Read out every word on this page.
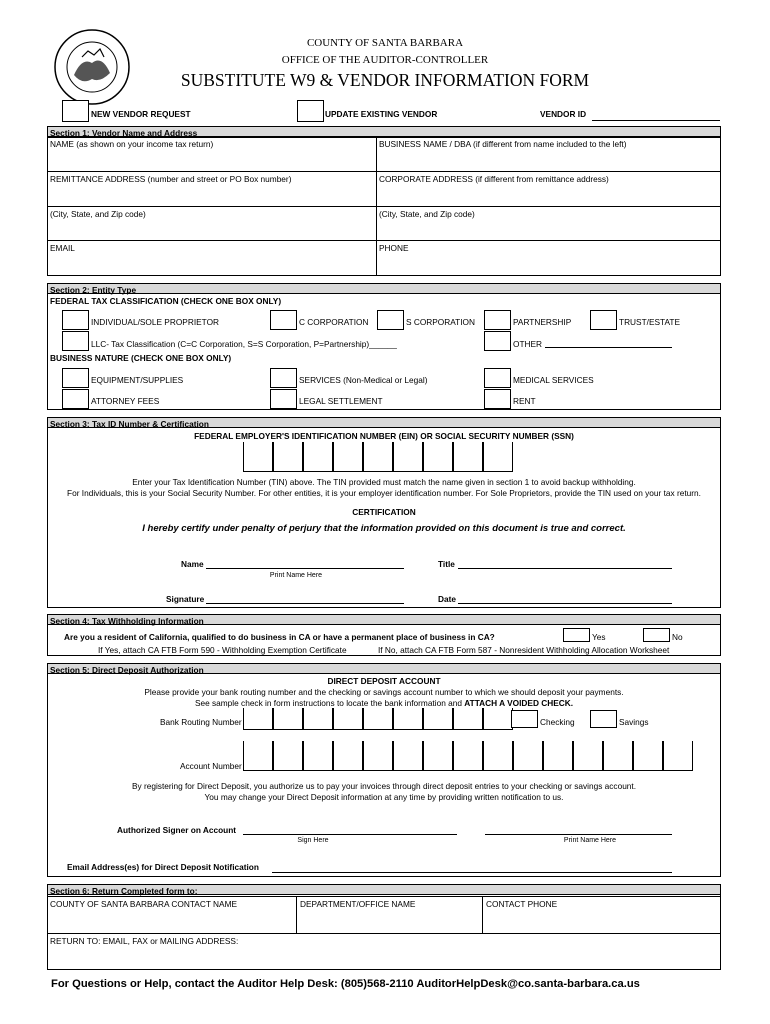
COUNTY OF SANTA BARBARA
OFFICE OF THE AUDITOR-CONTROLLER
SUBSTITUTE W9 & VENDOR INFORMATION FORM
NEW VENDOR REQUEST	UPDATE EXISTING VENDOR	VENDOR ID
Section 1: Vendor Name and Address
NAME (as shown on your income tax return)	BUSINESS NAME / DBA (if different from name included to the left)
REMITTANCE ADDRESS (number and street or PO Box number)	CORPORATE ADDRESS (if different from remittance address)
(City, State, and Zip code)	(City, State, and Zip code)
EMAIL	PHONE
Section 2: Entity Type
FEDERAL TAX CLASSIFICATION (CHECK ONE BOX ONLY)
INDIVIDUAL/SOLE PROPRIETOR	C CORPORATION	S CORPORATION	PARTNERSHIP	TRUST/ESTATE
LLC- Tax Classification (C=C Corporation, S=S Corporation, P=Partnership)______	OTHER
BUSINESS NATURE (CHECK ONE BOX ONLY)
EQUIPMENT/SUPPLIES	SERVICES (Non-Medical or Legal)	MEDICAL SERVICES
ATTORNEY FEES	LEGAL SETTLEMENT	RENT
Section 3: Tax ID Number & Certification
FEDERAL EMPLOYER'S IDENTIFICATION NUMBER (EIN) OR SOCIAL SECURITY NUMBER (SSN)
Enter your Tax Identification Number (TIN) above. The TIN provided must match the name given in section 1 to avoid backup withholding.
For Individuals, this is your Social Security Number. For other entities, it is your employer identification number. For Sole Proprietors, provide the TIN used on your tax return.
CERTIFICATION
I hereby certify under penalty of perjury that the information provided on this document is true and correct.
Name
Print Name Here
Title
Signature	Date
Section 4: Tax Withholding Information
Are you a resident of California, qualified to do business in CA or have a permanent place of business in CA?	Yes	No
If Yes, attach CA FTB Form 590 - Withholding Exemption Certificate	If No, attach CA FTB Form 587 - Nonresident Withholding Allocation Worksheet
Section 5: Direct Deposit Authorization
DIRECT DEPOSIT ACCOUNT
Please provide your bank routing number and the checking or savings account number to which we should deposit your payments.
See sample check in form instructions to locate the bank information and ATTACH A VOIDED CHECK.
Bank Routing Number	Checking	Savings
Account Number
By registering for Direct Deposit, you authorize us to pay your invoices through direct deposit entries to your checking or savings account.
You may change your Direct Deposit information at any time by providing written notification to us.
Authorized Signer on Account
Sign Here	Print Name Here
Email Address(es) for Direct Deposit Notification
Section 6: Return Completed form to:
COUNTY OF SANTA BARBARA CONTACT NAME	DEPARTMENT/OFFICE NAME	CONTACT PHONE
RETURN TO: EMAIL, FAX or MAILING ADDRESS:
For Questions or Help, contact the Auditor Help Desk: (805)568-2110 AuditorHelpDesk@co.santa-barbara.ca.us
